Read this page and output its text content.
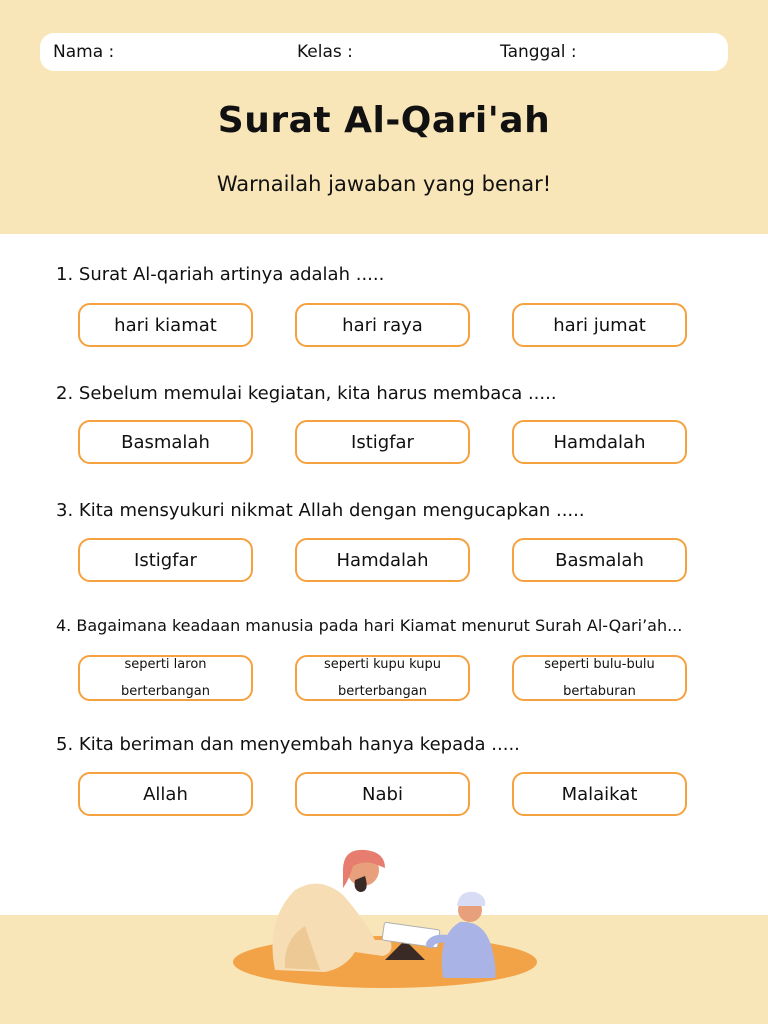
Nama :	Kelas :	Tanggal :
Surat Al-Qari'ah
Warnailah jawaban yang benar!
1. Surat Al-qariah artinya adalah .....
hari kiamat	hari raya	hari jumat
2. Sebelum memulai kegiatan, kita harus membaca .....
Basmalah	Istigfar	Hamdalah
3. Kita mensyukuri nikmat Allah dengan mengucapkan .....
Istigfar	Hamdalah	Basmalah
4. Bagaimana keadaan manusia pada hari Kiamat menurut Surah Al-Qari’ah...
seperti laron berterbangan
seperti kupu kupu berterbangan
seperti bulu-bulu bertaburan
5. Kita beriman dan menyembah hanya kepada .....
Allah	Nabi	Malaikat
